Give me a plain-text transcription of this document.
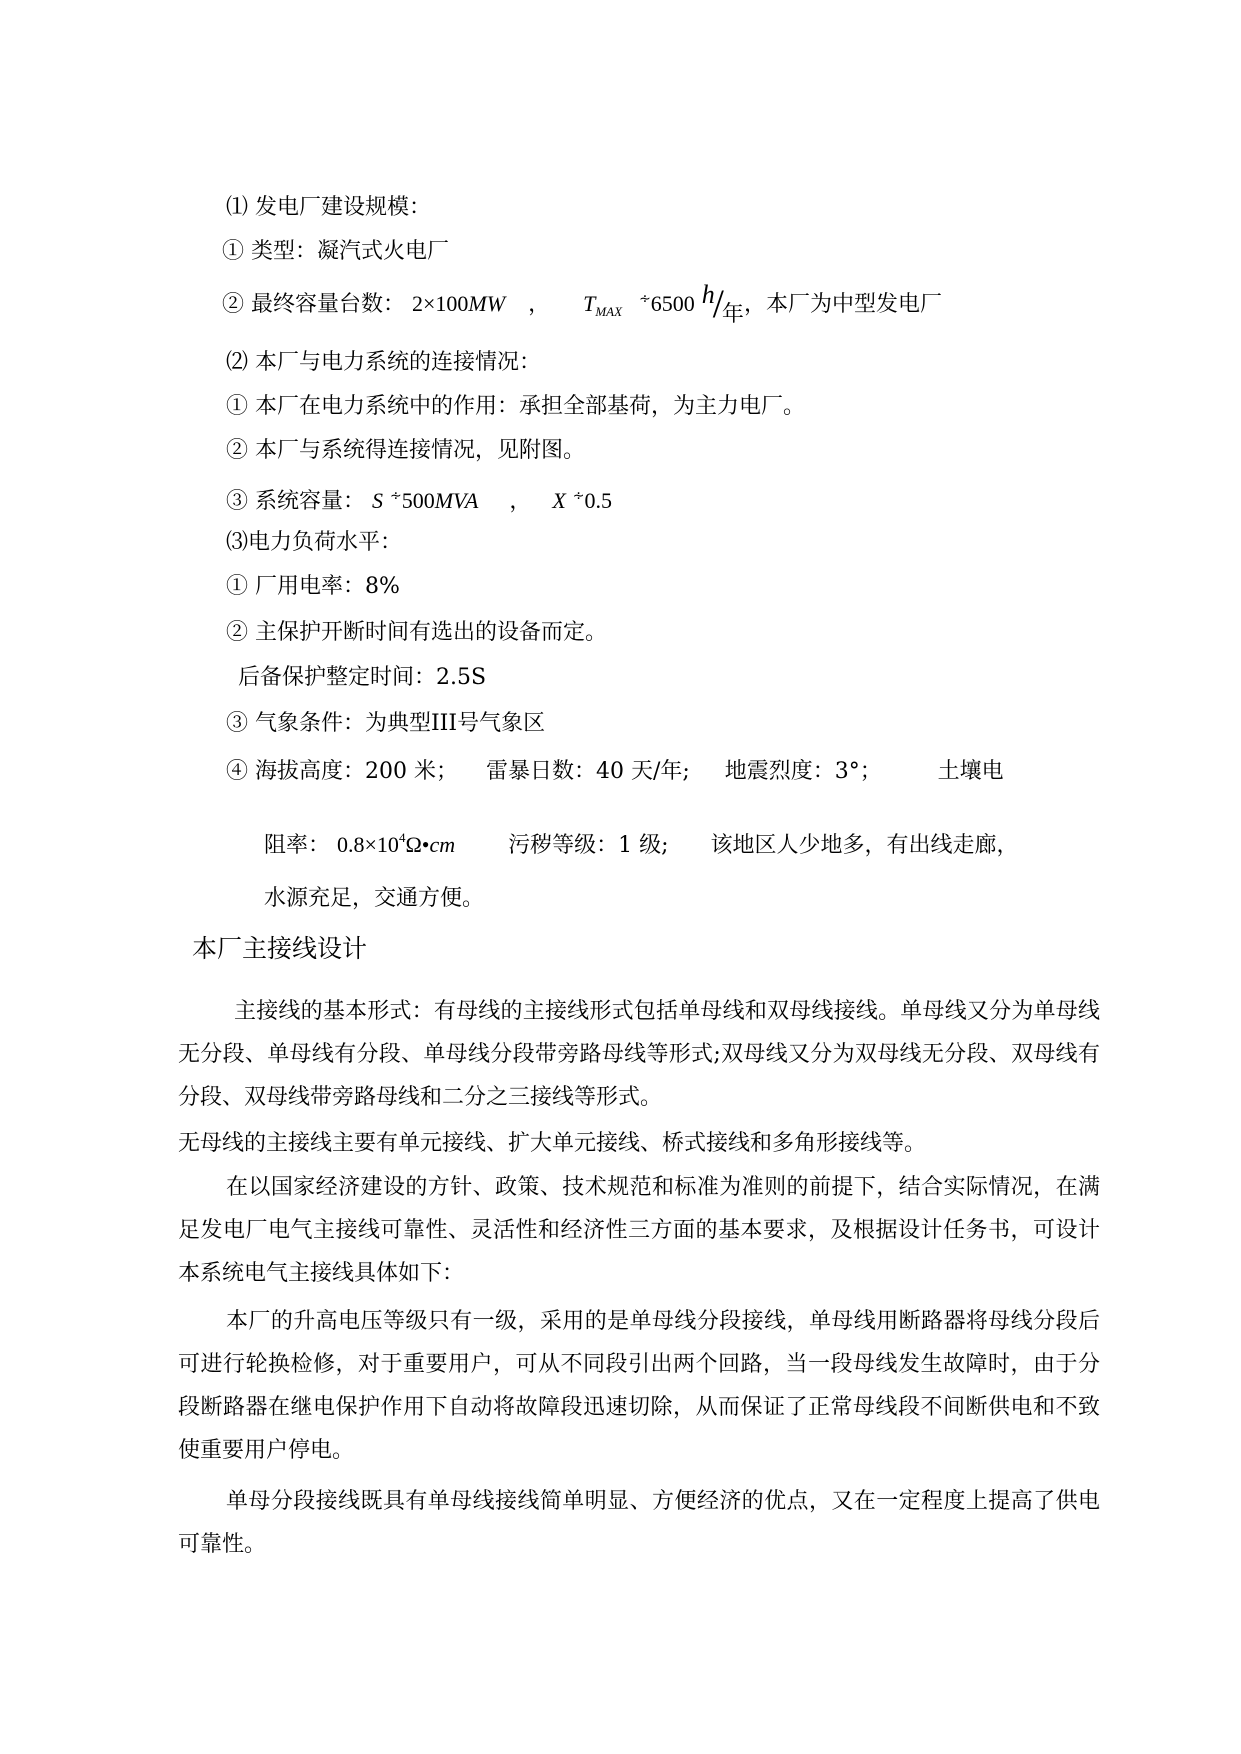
⑴ 发电厂建设规模：
① 类型：凝汽式火电厂
② 最终容量台数： 2×100MW ， $T_{MAX}$ ∻6500 h/年，本厂为中型发电厂
⑵ 本厂与电力系统的连接情况：
① 本厂在电力系统中的作用：承担全部基荷，为主力电厂。
② 本厂与系统得连接情况，见附图。
③ 系统容量： S ∻500MVA ， X ∻0.5
⑶电力负荷水平：
① 厂用电率：8%
② 主保护开断时间有选出的设备而定。
后备保护整定时间：2.5S
③ 气象条件：为典型III号气象区
④ 海拔高度：200 米；    雷暴日数：40 天/年;     地震烈度：3°；        土壤电
阻率： $0.8\times 10^4\Omega•cm$ 污秽等级：1 级;      该地区人少地多，有出线走廊，
水源充足，交通方便。
本厂主接线设计
主接线的基本形式：有母线的主接线形式包括单母线和双母线接线。单母线又分为单母线无分段、单母线有分段、单母线分段带旁路母线等形式;双母线又分为双母线无分段、双母线有分段、双母线带旁路母线和二分之三接线等形式。
无母线的主接线主要有单元接线、扩大单元接线、桥式接线和多角形接线等。
在以国家经济建设的方针、政策、技术规范和标准为准则的前提下，结合实际情况，在满足发电厂电气主接线可靠性、灵活性和经济性三方面的基本要求，及根据设计任务书，可设计本系统电气主接线具体如下：
本厂的升高电压等级只有一级，采用的是单母线分段接线，单母线用断路器将母线分段后可进行轮换检修，对于重要用户，可从不同段引出两个回路，当一段母线发生故障时，由于分段断路器在继电保护作用下自动将故障段迅速切除，从而保证了正常母线段不间断供电和不致使重要用户停电。
单母分段接线既具有单母线接线简单明显、方便经济的优点，又在一定程度上提高了供电可靠性。
